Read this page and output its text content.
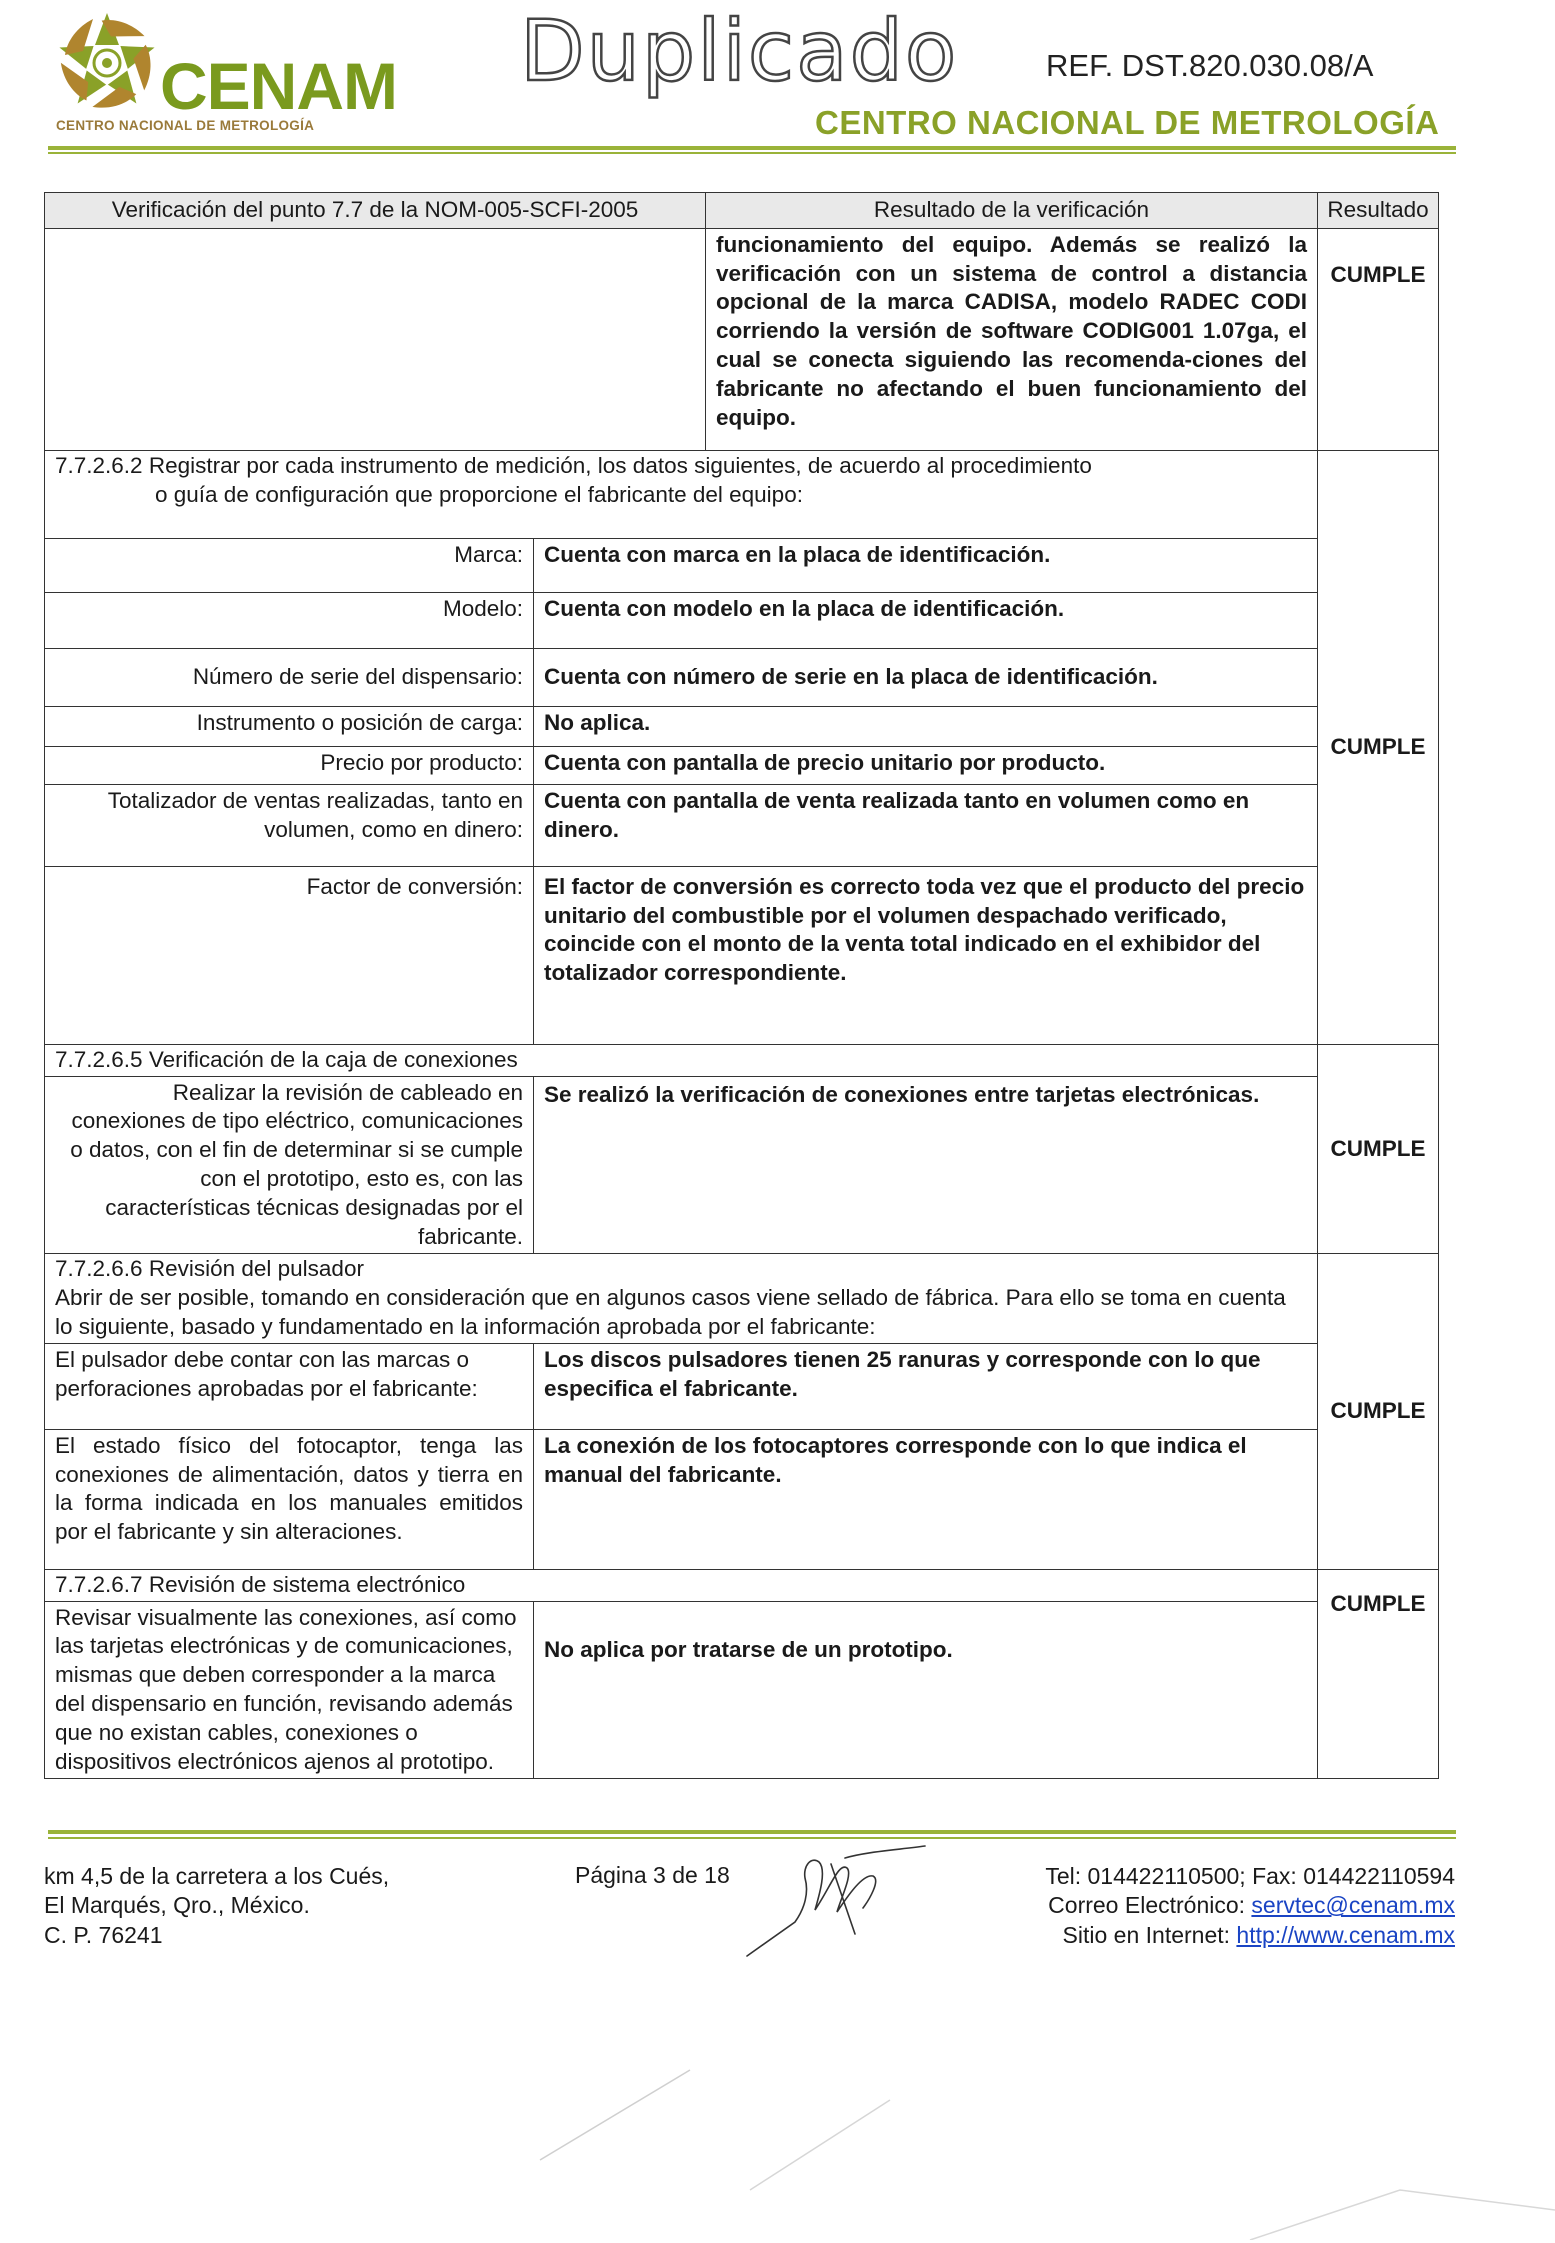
CENAM
CENTRO NACIONAL DE METROLOGÍA
Duplicado	REF. DST.820.030.08/A
CENTRO NACIONAL DE METROLOGÍA
Verificación del punto 7.7 de la NOM-005-SCFI-2005		Resultado de la verificación	Resultado
		funcionamiento del equipo. Además se realizó la verificación con un sistema de control a distancia opcional de la marca CADISA, modelo RADEC CODI corriendo la versión de software CODIG001 1.07ga, el cual se conecta siguiendo las recomenda-ciones del fabricante no afectando el buen funcionamiento del equipo.	CUMPLE

7.7.2.6.2 Registrar por cada instrumento de medición, los datos siguientes, de acuerdo al procedimiento
o guía de configuración que proporcione el fabricante del equipo:			CUMPLE
Marca:	Cuenta con marca en la placa de identificación.		
Modelo:	Cuenta con modelo en la placa de identificación.		
Número de serie del dispensario:	Cuenta con número de serie en la placa de identificación.		
Instrumento o posición de carga:	No aplica.		
Precio por producto:	Cuenta con pantalla de precio unitario por producto.		
Totalizador de ventas realizadas, tanto en volumen, como en dinero:	Cuenta con pantalla de venta realizada tanto en volumen como en dinero.		
Factor de conversión:	El factor de conversión es correcto toda vez que el producto del precio unitario del combustible por el volumen despachado verificado, coincide con el monto de la venta total indicado en el exhibidor del totalizador correspondiente.		
7.7.2.6.5 Verificación de la caja de conexiones			CUMPLE
Realizar la revisión de cableado en conexiones de tipo eléctrico, comunicaciones o datos, con el fin de determinar si se cumple con el prototipo, esto es, con las características técnicas designadas por el fabricante.	Se realizó la verificación de conexiones entre tarjetas electrónicas.		

7.7.2.6.6 Revisión del pulsador
Abrir de ser posible, tomando en consideración que en algunos casos viene sellado de fábrica. Para ello se toma en cuenta lo siguiente, basado y fundamentado en la información aprobada por el fabricante:			CUMPLE
El pulsador debe contar con las marcas o perforaciones aprobadas por el fabricante:	Los discos pulsadores tienen 25 ranuras y corresponde con lo que especifica el fabricante.		
El estado físico del fotocaptor, tenga las conexiones de alimentación, datos y tierra en la forma indicada en los manuales emitidos por el fabricante y sin alteraciones.	La conexión de los fotocaptores corresponde con lo que indica el manual del fabricante.		
7.7.2.6.7 Revisión de sistema electrónico			CUMPLE
Revisar visualmente las conexiones, así como las tarjetas electrónicas y de comunicaciones, mismas que deben corresponder a la marca del dispensario en función, revisando además que no existan cables, conexiones o dispositivos electrónicos ajenos al prototipo.	No aplica por tratarse de un prototipo.		
km 4,5 de la carretera a los Cués,
El Marqués, Qro., México.
C. P. 76241
Página 3 de 18	Tel: 014422110500; Fax: 014422110594
Correo Electrónico: servtec@cenam.mx
Sitio en Internet: http://www.cenam.mx
